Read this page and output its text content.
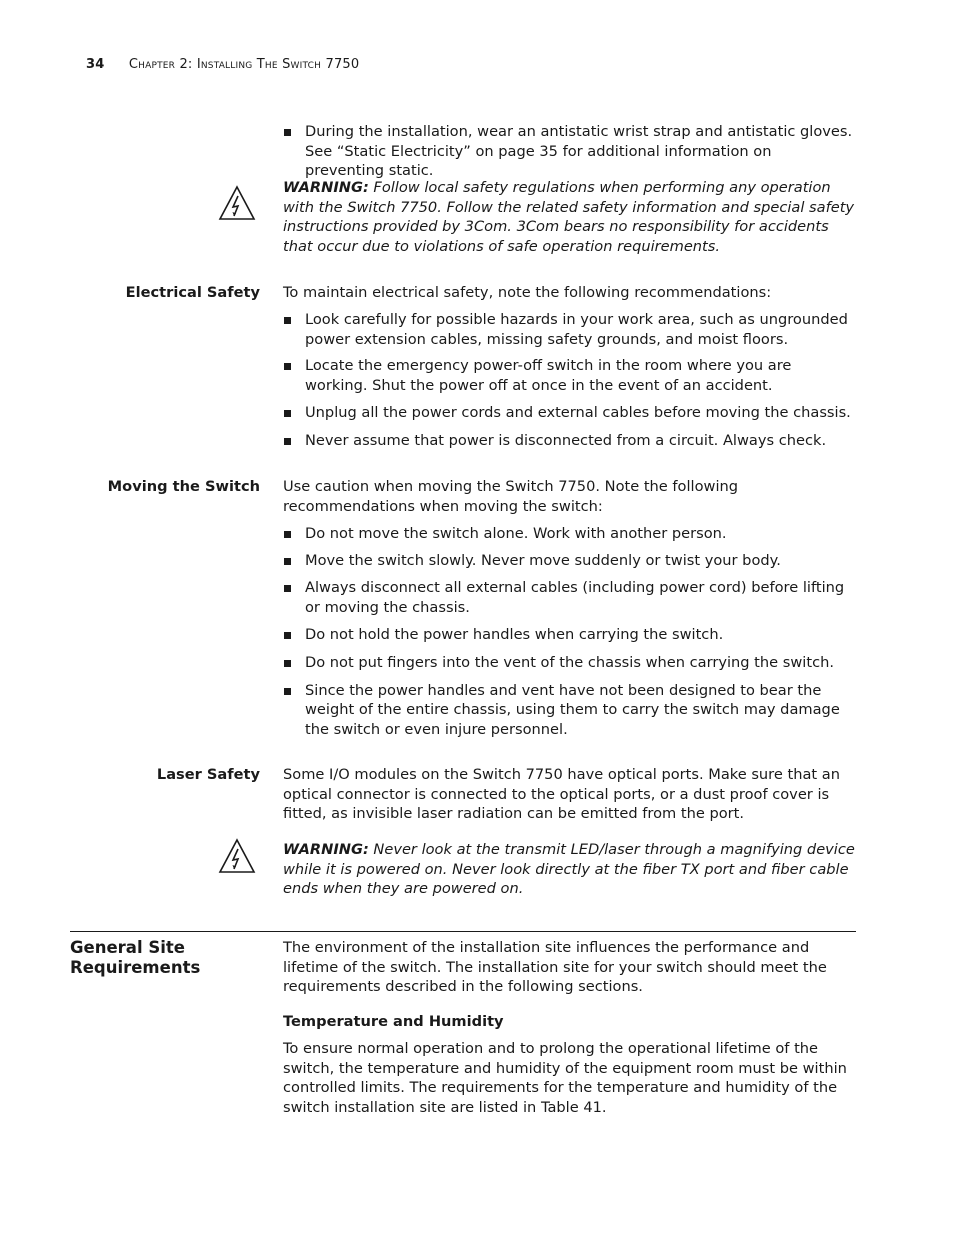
34 Chapter 2: Installing The Switch 7750
During the installation, wear an antistatic wrist strap and antistatic gloves. See “Static Electricity” on page 35 for additional information on preventing static.
WARNING: Follow local safety regulations when performing any operation with the Switch 7750. Follow the related safety information and special safety instructions provided by 3Com. 3Com bears no responsibility for accidents that occur due to violations of safe operation requirements.
Electrical Safety To maintain electrical safety, note the following recommendations:
Look carefully for possible hazards in your work area, such as ungrounded power extension cables, missing safety grounds, and moist floors.
Locate the emergency power-off switch in the room where you are working. Shut the power off at once in the event of an accident.
Unplug all the power cords and external cables before moving the chassis.
Never assume that power is disconnected from a circuit. Always check.
Moving the Switch Use caution when moving the Switch 7750. Note the following recommendations when moving the switch:
Do not move the switch alone. Work with another person.
Move the switch slowly. Never move suddenly or twist your body.
Always disconnect all external cables (including power cord) before lifting or moving the chassis.
Do not hold the power handles when carrying the switch.
Do not put fingers into the vent of the chassis when carrying the switch.
Since the power handles and vent have not been designed to bear the weight of the entire chassis, using them to carry the switch may damage the switch or even injure personnel.
Laser Safety Some I/O modules on the Switch 7750 have optical ports. Make sure that an optical connector is connected to the optical ports, or a dust proof cover is fitted, as invisible laser radiation can be emitted from the port.
WARNING: Never look at the transmit LED/laser through a magnifying device while it is powered on. Never look directly at the fiber TX port and fiber cable ends when they are powered on.
General Site
Requirements
The environment of the installation site influences the performance and lifetime of the switch. The installation site for your switch should meet the requirements described in the following sections.
Temperature and Humidity
To ensure normal operation and to prolong the operational lifetime of the switch, the temperature and humidity of the equipment room must be within controlled limits. The requirements for the temperature and humidity of the switch installation site are listed in Table 41.
